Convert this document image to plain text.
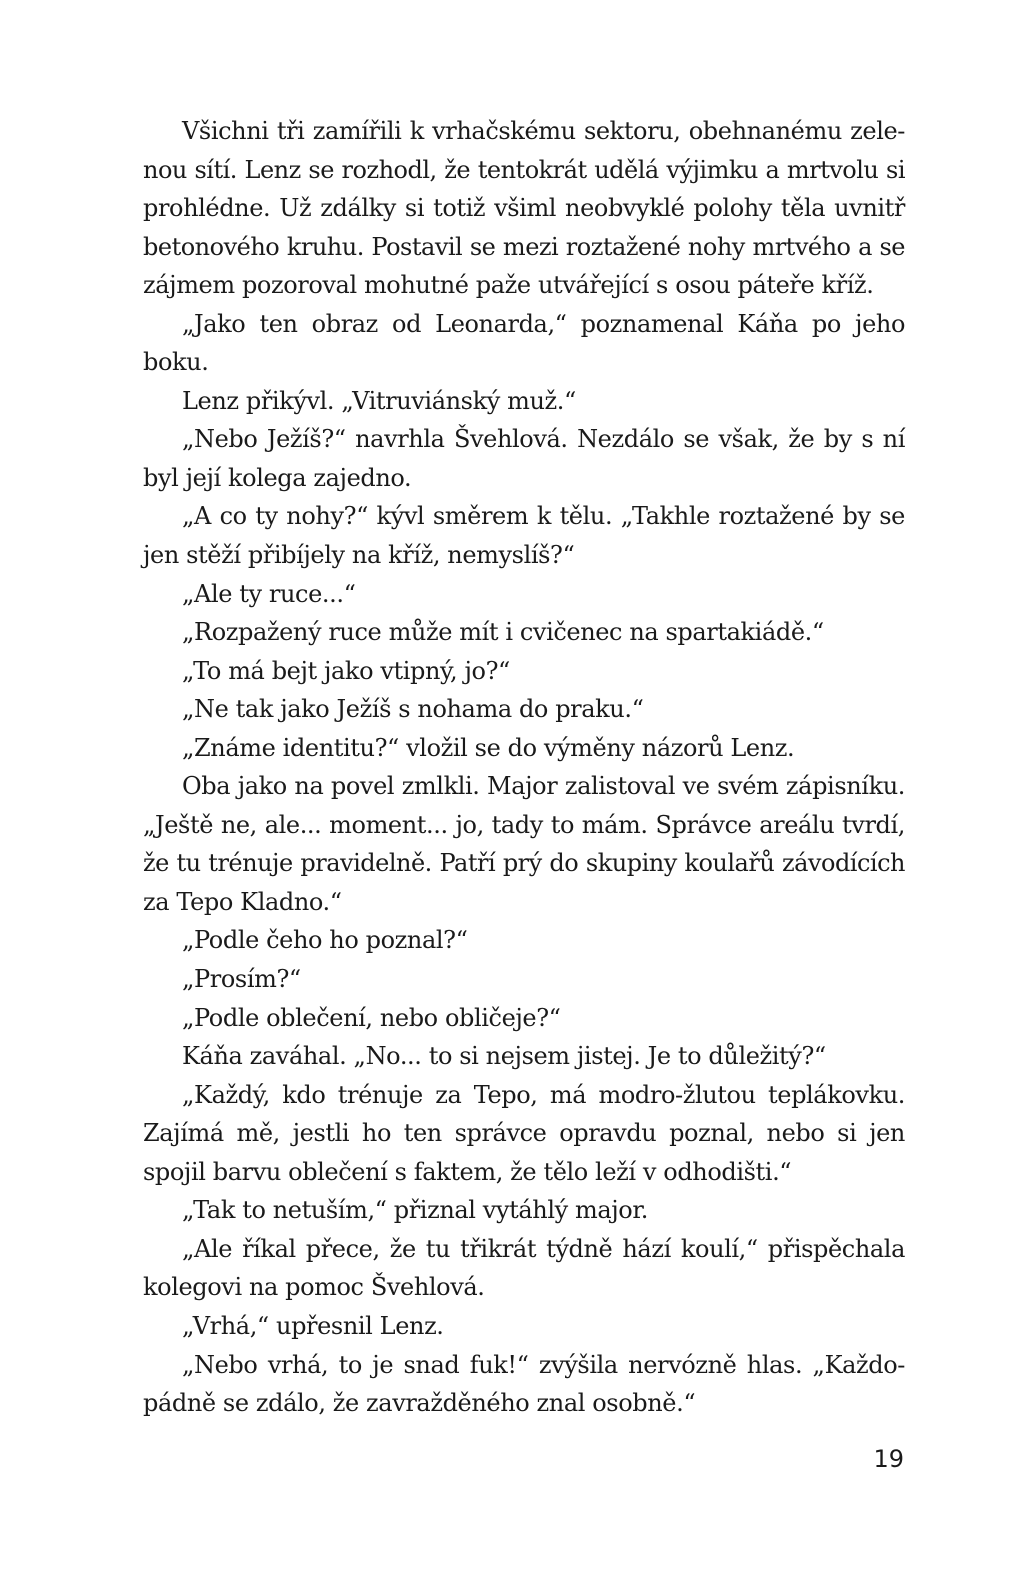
Všichni tři zamířili k vrhačskému sektoru, obehnanému zele-
nou sítí. Lenz se rozhodl, že tentokrát udělá výjimku a mrtvolu si
prohlédne. Už zdálky si totiž všiml neobvyklé polohy těla uvnitř
betonového kruhu. Postavil se mezi roztažené nohy mrtvého a se
zájmem pozoroval mohutné paže utvářející s osou páteře kříž.
„Jako ten obraz od Leonarda,“ poznamenal Káňa po jeho
boku.
Lenz přikývl. „Vitruviánský muž.“
„Nebo Ježíš?“ navrhla Švehlová. Nezdálo se však, že by s ní
byl její kolega zajedno.
„A co ty nohy?“ kývl směrem k tělu. „Takhle roztažené by se
jen stěží přibíjely na kříž, nemyslíš?“
„Ale ty ruce...“
„Rozpažený ruce může mít i cvičenec na spartakiádě.“
„To má bejt jako vtipný, jo?“
„Ne tak jako Ježíš s nohama do praku.“
„Známe identitu?“ vložil se do výměny názorů Lenz.
Oba jako na povel zmlkli. Major zalistoval ve svém zápisníku.
„Ještě ne, ale... moment... jo, tady to mám. Správce areálu tvrdí,
že tu trénuje pravidelně. Patří prý do skupiny koulařů závodících
za Tepo Kladno.“
„Podle čeho ho poznal?“
„Prosím?“
„Podle oblečení, nebo obličeje?“
Káňa zaváhal. „No... to si nejsem jistej. Je to důležitý?“
„Každý, kdo trénuje za Tepo, má modro-žlutou teplákovku.
Zajímá mě, jestli ho ten správce opravdu poznal, nebo si jen
spojil barvu oblečení s faktem, že tělo leží v odhodišti.“
„Tak to netuším,“ přiznal vytáhlý major.
„Ale říkal přece, že tu třikrát týdně hází koulí,“ přispěchala
kolegovi na pomoc Švehlová.
„Vrhá,“ upřesnil Lenz.
„Nebo vrhá, to je snad fuk!“ zvýšila nervózně hlas. „Každo-
pádně se zdálo, že zavražděného znal osobně.“
19
